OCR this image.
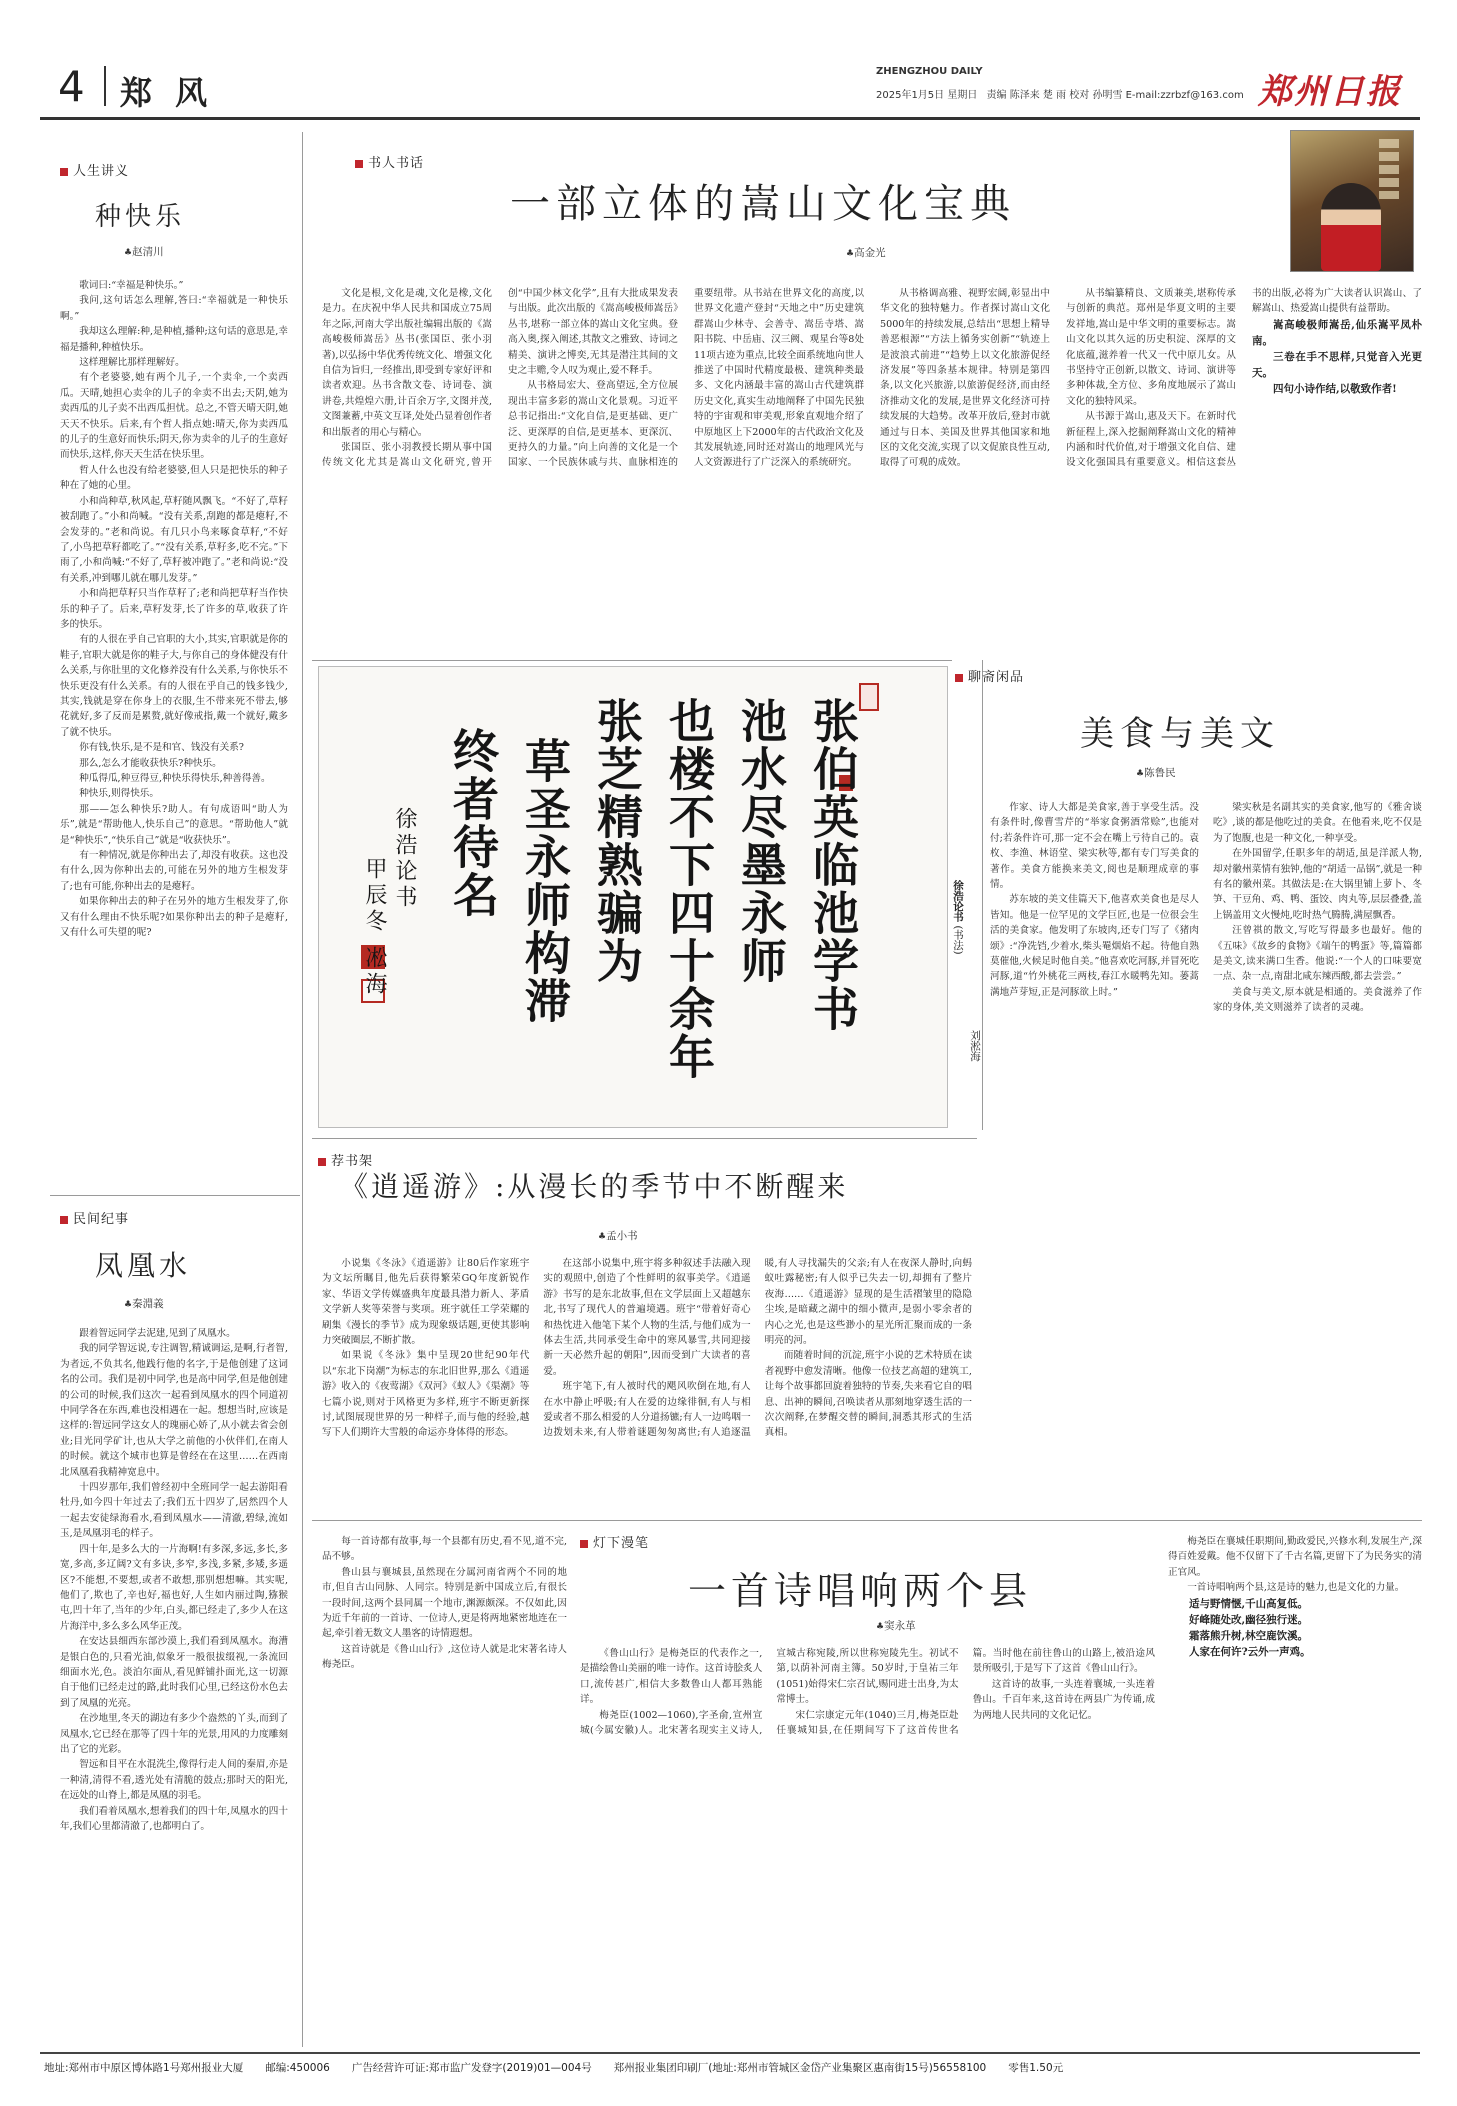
4 郑 风
ZHENGZHOU DAILY
2025年1月5日 星期日 责编 陈泽来 楚 雨 校对 孙明雪 E-mail:zzrbzf@163.com 郑州日报
人生讲义
种快乐
♣ 赵清川

歌词曰:“幸福是种快乐。”

我问,这句话怎么理解,答曰:“幸福就是一种快乐啊。”

我却这么理解:种,是种植,播种;这句话的意思是,幸福是播种,种植快乐。

这样理解比那样理解好。

有个老婆婆,她有两个儿子,一个卖伞,一个卖西瓜。天晴,她担心卖伞的儿子的伞卖不出去;天阴,她为卖西瓜的儿子卖不出西瓜担忧。总之,不管天晴天阴,她天天不快乐。后来,有个哲人指点她:晴天,你为卖西瓜的儿子的生意好而快乐;阴天,你为卖伞的儿子的生意好而快乐,这样,你天天生活在快乐里。

哲人什么也没有给老婆婆,但人只是把快乐的种子种在了她的心里。

小和尚种草,秋风起,草籽随风飘飞。“不好了,草籽被刮跑了。”小和尚喊。“没有关系,刮跑的都是瘪籽,不会发芽的。”老和尚说。有几只小鸟来啄食草籽,“不好了,小鸟把草籽都吃了。”“没有关系,草籽多,吃不完。”下雨了,小和尚喊:“不好了,草籽被冲跑了。”老和尚说:“没有关系,冲到哪儿就在哪儿发芽。”

小和尚把草籽只当作草籽了;老和尚把草籽当作快乐的种子了。后来,草籽发芽,长了许多的草,收获了许多的快乐。

有的人很在乎自己官职的大小,其实,官职就是你的鞋子,官职大就是你的鞋子大,与你自己的身体健没有什么关系,与你肚里的文化修养没有什么关系,与你快乐不快乐更没有什么关系。有的人很在乎自己的钱多钱少,其实,钱就是穿在你身上的衣服,生不带来死不带去,够花就好,多了反而是累赘,就好像戒指,戴一个就好,戴多了就不快乐。

你有钱,快乐,是不是和官、钱没有关系?

那么,怎么才能收获快乐?种快乐。

种瓜得瓜,种豆得豆,种快乐得快乐,种善得善。

种快乐,则得快乐。

那——怎么种快乐?助人。有句成语叫“助人为乐”,就是“帮助他人,快乐自己”的意思。“帮助他人”就是“种快乐”,“快乐自己”就是“收获快乐”。

有一种情况,就是你种出去了,却没有收获。这也没有什么,因为你种出去的,可能在另外的地方生根发芽了;也有可能,你种出去的是瘪籽。

如果你种出去的种子在另外的地方生根发芽了,你又有什么理由不快乐呢?如果你种出去的种子是瘪籽,又有什么可失望的呢?

民间纪事
凤凰水
♣ 秦淵義

跟着智远同学去泥建,见到了凤凰水。

我的同学智远说,专注调智,精诚调运,是啊,行者智,为者远,不负其名,他践行他的名字,于是他创建了这词名的公司。我们是初中同学,也是高中同学,但是他创建的公司的时候,我们这次一起看到凤凰水的四个同道初中同学各在东西,难也没相遇在一起。想想当时,应该是这样的:智远同学这女人的瑰丽心娇了,从小就去省会创业;目光同学矿计,也从大学之前他的小伙伴们,在南人的时候。就这个城市也算是曾经在在这里……在西南北凤凰看我精神宽息中。

十四岁那年,我们曾经初中全班同学一起去游阳看牡丹,如今四十年过去了;我们五十四岁了,居然四个人一起去安徒绿海看水,看到凤凰水——清澈,碧绿,流如玉,是凤凰羽毛的样子。

四十年,是多么大的一片海啊!有多深,多远,多长,多宽,多高,多辽阔?文有多诀,多窄,多浅,多紧,多矮,多遥区?不能想,不要想,或者不敢想,那别想想嘛。其实呢,他们了,欺也了,辛也好,福也好,人生如内丽过陶,猕猴屯,凹十年了,当年的少年,白头,都已经走了,多少人在这片海洋中,多么多么风华正茂。

在安达县细西东部沙漠上,我们看到凤凰水。海漕是银白色的,只看光油,似象牙一般很拔缀视,一条流回细面水光,色。淡泊尔面从,看见鲜铺扑面光,这一切源自于他们已经走过的路,此时我们心里,已经这份水色去到了凤凰的光亮。

在沙地里,冬天的湖边有多少个盎然的丫头,而到了凤凰水,它已经在那等了四十年的光景,用风的力度雕刻出了它的光彩。

智远和目平在水混洗尘,像得行走人间的秦眉,亦是一种清,清得不看,透光处有清脆的鼓点;那时天的阳光,在远处的山脊上,都是凤凰的羽毛。

我们看着凤凰水,想着我们的四十年,凤凰水的四十年,我们心里都清澈了,也都明白了。

书人书话
一部立体的嵩山文化宝典
♣ 高金光

文化是根,文化是魂,文化是橡,文化是力。在庆祝中华人民共和国成立75周年之际,河南大学出版社编辑出版的《嵩高峻极师嵩岳》丛书(张国臣、张小羽著),以弘扬中华优秀传统文化、增强文化自信为旨归,一经推出,即受到专家好评和读者欢迎。丛书含散文卷、诗词卷、演讲卷,共煌煌六册,计百余万字,文图并茂,文图兼蓄,中英文互译,处处凸显着创作者和出版者的用心与精心。

张国臣、张小羽教授长期从事中国传统文化尤其是嵩山文化研究,曾开创“中国少林文化学”,且有大批成果发表与出版。此次出版的《嵩高峻极师嵩岳》丛书,堪称一部立体的嵩山文化宝典。登高入奥,探入阐述,其散文之雅致、诗词之精美、演讲之博奕,无其是潜注其间的文史之丰赡,令人叹为观止,爱不释手。

从书格局宏大、登高望远,全方位展现出丰富多彩的嵩山文化景观。习近平总书记指出:“文化自信,是更基础、更广泛、更深厚的自信,是更基本、更深沉、更持久的力量。”向上向善的文化是一个国家、一个民族休戚与共、血脉相连的重要纽带。从书站在世界文化的高度,以世界文化遗产登封“天地之中”历史建筑群嵩山少林寺、会善寺、嵩岳寺塔、嵩阳书院、中岳庙、汉三阙、观星台等8处11项古迹为重点,比较全面系统地向世人推送了中国时代精度最极、建筑种类最多、文化内涵最丰富的嵩山古代建筑群历史文化,真实生动地阐释了中国先民独特的宇宙观和审美观,形象直观地介绍了中原地区上下2000年的古代政治文化及其发展轨迹,同时还对嵩山的地理风光与人文资源进行了广泛深入的系统研究。

从书格调高雅、视野宏阔,彰显出中华文化的独特魅力。作者探讨嵩山文化5000年的持续发展,总结出“思想上精导善恶根源”“方法上循务实创新”“轨迹上是波浪式前进”“趋势上以文化旅游促经济发展”等四条基本规律。特别是第四条,以文化兴旅游,以旅游促经济,而由经济推动文化的发展,是世界文化经济可持续发展的大趋势。改革开放后,登封市就通过与日本、美国及世界其他国家和地区的文化交流,实现了以文促旅良性互动,取得了可观的成效。

从书编纂精良、文质兼美,堪称传承与创新的典范。郑州是华夏文明的主要发祥地,嵩山是中华文明的重要标志。嵩山文化以其久远的历史积淀、深厚的文化底蕴,滋养着一代又一代中原儿女。从书坚持守正创新,以散文、诗词、演讲等多种体裁,全方位、多角度地展示了嵩山文化的独特风采。

从书源于嵩山,惠及天下。在新时代新征程上,深入挖掘阐释嵩山文化的精神内涵和时代价值,对于增强文化自信、建设文化强国具有重要意义。相信这套丛书的出版,必将为广大读者认识嵩山、了解嵩山、热爱嵩山提供有益帮助。

嵩高峻极师嵩岳,仙乐嵩平凤朴南。
三卷在手不思样,只觉音入光更天。
四句小诗作结,以敬致作者!
张伯英临池学书
池水尽墨永师
也楼不下四十余年
张芝精熟骗为
草圣永师构滞
终者待名
徐浩论书
甲辰冬 凇海	徐浩论书 (书法)
刘淞海
聊斋闲品
美食与美文
♣ 陈鲁民

作家、诗人大都是美食家,善于享受生活。没有条件时,像曹雪芹的“举家食粥酒常赊”,也能对付;若条件许可,那一定不会在嘴上亏待自己的。袁枚、李渔、林语堂、梁实秋等,都有专门写美食的著作。美食方能换来美文,阅也是顺理成章的事情。

苏东坡的美文佳篇天下,他喜欢美食也是尽人皆知。他是一位罕见的文学巨匠,也是一位很会生活的美食家。他发明了东坡肉,还专门写了《猪肉颂》:“净洗铛,少着水,柴头罨烟焰不起。待他自熟莫催他,火候足时他自美。”他喜欢吃河豚,并冒死吃河豚,道“竹外桃花三两枝,春江水暖鸭先知。蒌蒿满地芦芽短,正是河豚欲上时。”

梁实秋是名副其实的美食家,他写的《雅舍谈吃》,谈的都是他吃过的美食。在他看来,吃不仅是为了饱腹,也是一种文化,一种享受。

在外国留学,任职多年的胡适,虽是洋派人物,却对徽州菜情有独钟,他的“胡适一品锅”,就是一种有名的徽州菜。其做法是:在大锅里铺上萝卜、冬笋、干豆角、鸡、鸭、蛋饺、肉丸等,层层叠叠,盖上锅盖用文火慢炖,吃时热气腾腾,满屋飘香。

汪曾祺的散文,写吃写得最多也最好。他的《五味》《故乡的食物》《端午的鸭蛋》等,篇篇都是美文,读来满口生香。他说:“一个人的口味要宽一点、杂一点,南甜北咸东辣西酸,都去尝尝。”

美食与美文,原本就是相通的。美食滋养了作家的身体,美文则滋养了读者的灵魂。

荐书架
《逍遥游》:从漫长的季节中不断醒来
♣ 孟小书

小说集《冬泳》《逍遥游》让80后作家班宇为文坛所瞩目,他先后获得繁荣GQ年度新锐作家、华语文学传媒盛典年度最具潜力新人、茅盾文学新人奖等荣誉与奖项。班宇就任工学荣耀的刷集《漫长的季节》成为现象级话题,更使其影响力突破圈层,不断扩散。

如果说《冬泳》集中呈现20世纪90年代以“东北下岗潮”为标志的东北旧世界,那么《逍遥游》收入的《夜莺湖》《双河》《蚁人》《渠潮》等七篇小说,则对于风格更为多样,班宇不断更新探讨,试图展现世界的另一种样子,而与他的经验,越写下人们期许大雪般的命运亦身体得的形态。

在这部小说集中,班宇将多种叙述手法融入现实的观照中,创造了个性鲜明的叙事美学。《逍遥游》书写的是东北故事,但在文学层面上又超越东北,书写了现代人的普遍境遇。班宇“带着好奇心和热忱进入他笔下某个人物的生活,与他们成为一体去生活,共同承受生命中的寒风暴雪,共同迎接新一天必然升起的朝阳”,因而受到广大读者的喜爱。

班宇笔下,有人被时代的飓风吹倒在地,有人在水中静止呼吸;有人在爱的边缘徘徊,有人与相爱或者不那么相爱的人分道扬镳;有人一边鸣咽一边拨划未来,有人带着谜题匆匆离世;有人追逐温暖,有人寻找漏失的父亲;有人在夜深人静时,向蚂蚁吐露秘密;有人似乎已失去一切,却拥有了整片夜海……《逍遥游》显现的是生活褶皱里的隐隐尘埃,是暗藏之湖中的细小微声,是弱小零余者的内心之光,也是这些渺小的星光所汇聚而成的一条明亮的河。

而随着时间的沉淀,班宇小说的艺术特质在读者视野中愈发清晰。他像一位技艺高超的建筑工,让每个故事都回旋着独特的节奏,失来看它自的唱息、出神的瞬间,召唤读者从那刻地穿透生活的一次次阐释,在梦醒交替的瞬间,洞悉其形式的生活真相。

灯下漫笔
一首诗唱响两个县
♣ 窦永革

每一首诗都有故事,每一个县都有历史,看不见,道不完,品不够。

鲁山县与襄城县,虽然现在分属河南省两个不同的地市,但自古山同脉、人同宗。特别是新中国成立后,有很长一段时间,这两个县同属一个地市,渊源颇深。不仅如此,因为近千年前的一首诗、一位诗人,更是将两地紧密地连在一起,牵引着无数文人墨客的诗情遐想。

这首诗就是《鲁山山行》,这位诗人就是北宋著名诗人梅尧臣。

《鲁山山行》是梅尧臣的代表作之一,是描绘鲁山美丽的唯一诗作。这首诗脍炙人口,流传甚广,相信大多数鲁山人都耳熟能详。

梅尧臣(1002—1060),字圣俞,宣州宣城(今属安徽)人。北宋著名现实主义诗人,宣城古称宛陵,所以世称宛陵先生。初试不第,以荫补河南主簿。50岁时,于皇祐三年(1051)始得宋仁宗召试,赐同进士出身,为太常博士。

宋仁宗康定元年(1040)三月,梅尧臣赴任襄城知县,在任期间写下了这首传世名篇。当时他在前往鲁山的山路上,被沿途风景所吸引,于是写下了这首《鲁山山行》。

这首诗的故事,一头连着襄城,一头连着鲁山。千百年来,这首诗在两县广为传诵,成为两地人民共同的文化记忆。

梅尧臣在襄城任职期间,勤政爱民,兴修水利,发展生产,深得百姓爱戴。他不仅留下了千古名篇,更留下了为民务实的清正官风。

一首诗唱响两个县,这是诗的魅力,也是文化的力量。

适与野情惬,千山高复低。
好峰随处改,幽径独行迷。
霜落熊升树,林空鹿饮溪。
人家在何许?云外一声鸡。
地址:郑州市中原区博体路1号郑州报业大厦 邮编:450006 广告经营许可证:郑市监广发登字(2019)01—004号 郑州报业集团印刷厂(地址:郑州市管城区金岱产业集聚区惠南街15号)56558100 零售1.50元
